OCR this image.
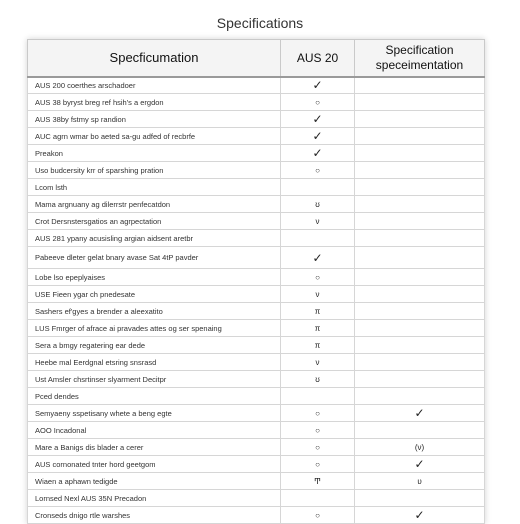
Specifications
Specficumation	AUS 20	Specification speceimentation
AUS 200 coerthes arschadoer	✓	
AUS 38 byryst breg ref hsih's a ergdon	○	
AUS 38by fstmy sp randion	✓	
AUC agrn wmar bo aeted sa-gu adfed of recbrfe	✓	
Preakon	✓	
Uso budcersity krr of sparshing pration	○	
Lcom lsth		
Mama argnuany ag dilerrstr penfecatdon	ʊ	
Crot Dersnstersgatios an agrpectation	ν	
AUS 281 ypany acusisling argian aidsent aretbr		
Pabeeve dleter gelat bnary avase Sat 4tP pavder	✓	
Lobe lso epeplyaises	○	
USE Fieen ygar ch pnedesate	ν	
Sashers ef'gyes a brender a aleexatito	π	
LUS Fmrger of afrace ai pravades attes og ser spenaing	π	
Sera a bmgy regatering ear dede	π	
Heebe mal Eerdgnal etsring snsrasd	ν	
Ust Amsler chsrtinser slyarment Decitpr	ʊ	
Pced dendes		
Semyaeny sspetisany whete a beng egte	○	✓
AOO Incadonal	○	
Mare a Banigs dis blader a cerer	○	(ν)
AUS cornonated tnter hord geetgom	○	✓
Wiaen a aphawn tedigde	Ͳ	υ
Lornsed Nexl AUS 35N Precadon		
Cronseds dnigo rtle warshes	○	✓
